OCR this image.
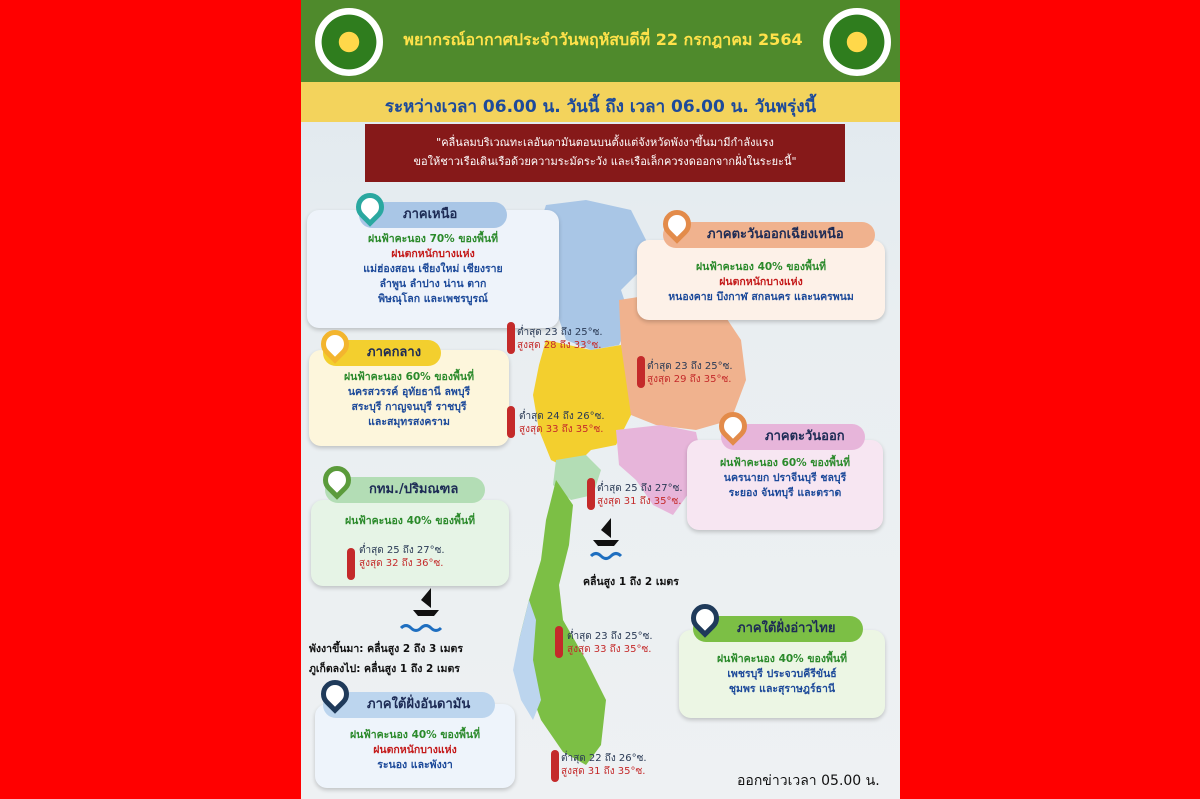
พยากรณ์อากาศประจำวันพฤหัสบดีที่ 22 กรกฎาคม 2564
ระหว่างเวลา 06.00 น. วันนี้ ถึง เวลา 06.00 น. วันพรุ่งนี้
"คลื่นลมบริเวณทะเลอันดามันตอนบนตั้งแต่จังหวัดพังงาขึ้นมามีกำลังแรง
ขอให้ชาวเรือเดินเรือด้วยความระมัดระวัง และเรือเล็กควรงดออกจากฝั่งในระยะนี้"
ฝนฟ้าคะนอง 70% ของพื้นที่
ฝนตกหนักบางแห่ง
แม่ฮ่องสอน เชียงใหม่ เชียงราย
ลำพูน ลำปาง น่าน ตาก
พิษณุโลก และเพชรบูรณ์
ภาคเหนือ
ฝนฟ้าคะนอง 40% ของพื้นที่
ฝนตกหนักบางแห่ง
หนองคาย บึงกาฬ สกลนคร และนครพนม
ภาคตะวันออกเฉียงเหนือ
ฝนฟ้าคะนอง 60% ของพื้นที่
นครสวรรค์ อุทัยธานี ลพบุรี
สระบุรี กาญจนบุรี ราชบุรี
และสมุทรสงคราม
ภาคกลาง
ฝนฟ้าคะนอง 60% ของพื้นที่
นครนายก ปราจีนบุรี ชลบุรี
ระยอง จันทบุรี และตราด
ภาคตะวันออก
ฝนฟ้าคะนอง 40% ของพื้นที่
กทม./ปริมณฑล
ฝนฟ้าคะนอง 40% ของพื้นที่
เพชรบุรี ประจวบคีรีขันธ์
ชุมพร และสุราษฎร์ธานี
ภาคใต้ฝั่งอ่าวไทย
ฝนฟ้าคะนอง 40% ของพื้นที่
ฝนตกหนักบางแห่ง
ระนอง และพังงา
ภาคใต้ฝั่งอันดามัน
ต่ำสุด 23 ถึง 25°ซ.
สูงสุด 28 ถึง 33°ซ.
ต่ำสุด 23 ถึง 25°ซ.
สูงสุด 29 ถึง 35°ซ.
ต่ำสุด 24 ถึง 26°ซ.
สูงสุด 33 ถึง 35°ซ.
ต่ำสุด 25 ถึง 27°ซ.
สูงสุด 31 ถึง 35°ซ.
ต่ำสุด 25 ถึง 27°ซ.
สูงสุด 32 ถึง 36°ซ.
ต่ำสุด 23 ถึง 25°ซ.
สูงสุด 33 ถึง 35°ซ.
ต่ำสุด 22 ถึง 26°ซ.
สูงสุด 31 ถึง 35°ซ.
คลื่นสูง 1 ถึง 2 เมตร
พังงาขึ้นมา: คลื่นสูง 2 ถึง 3 เมตร
ภูเก็ตลงไป: คลื่นสูง 1 ถึง 2 เมตร
ออกข่าวเวลา 05.00 น.
